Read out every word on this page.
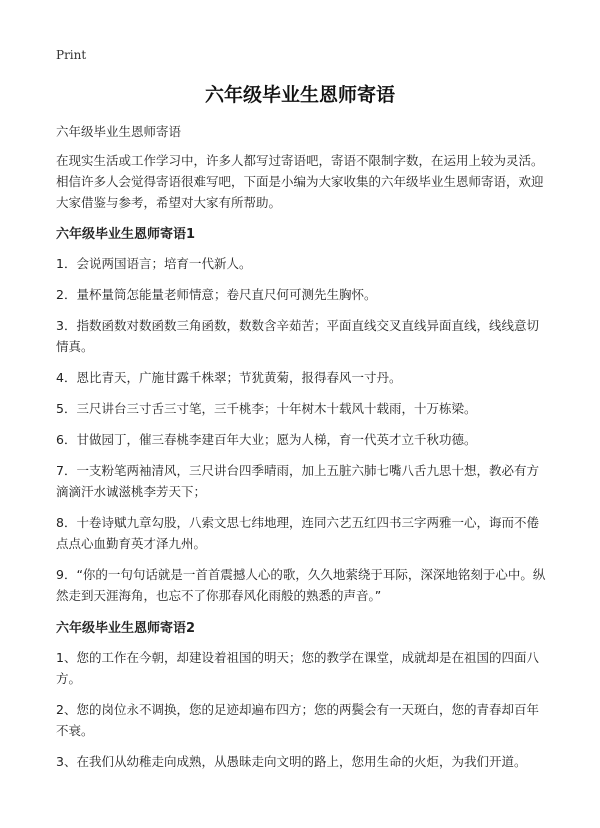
Print
六年级毕业生恩师寄语

六年级毕业生恩师寄语

在现实生活或工作学习中，许多人都写过寄语吧，寄语不限制字数，在运用上较为灵活。相信许多人会觉得寄语很难写吧，下面是小编为大家收集的六年级毕业生恩师寄语，欢迎大家借鉴与参考，希望对大家有所帮助。

六年级毕业生恩师寄语1

1．会说两国语言；培育一代新人。

2．量杯量筒怎能量老师情意；卷尺直尺何可测先生胸怀。

3．指数函数对数函数三角函数，数数含辛茹苦；平面直线交叉直线异面直线，线线意切情真。

4．恩比青天，广施甘露千株翠；节犹黄菊，报得春风一寸丹。

5．三尺讲台三寸舌三寸笔，三千桃李；十年树木十载风十载雨，十万栋梁。

6．甘做园丁，催三春桃李建百年大业；愿为人梯，育一代英才立千秋功德。

7．一支粉笔两袖清风，三尺讲台四季晴雨，加上五脏六肺七嘴八舌九思十想，教必有方滴滴汗水诚滋桃李芳天下；

8．十卷诗赋九章勾股，八索文思七纬地理，连同六艺五红四书三字两雅一心，诲而不倦点点心血勤育英才泽九州。

9．“你的一句句话就是一首首震撼人心的歌，久久地萦绕于耳际，深深地铭刻于心中。纵然走到天涯海角，也忘不了你那春风化雨般的熟悉的声音。”

六年级毕业生恩师寄语2

1、您的工作在今朝，却建设着祖国的明天；您的教学在课堂，成就却是在祖国的四面八方。

2、您的岗位永不调换，您的足迹却遍布四方；您的两鬓会有一天斑白，您的青春却百年不衰。

3、在我们从幼稚走向成熟，从愚昧走向文明的路上，您用生命的火炬，为我们开道。
